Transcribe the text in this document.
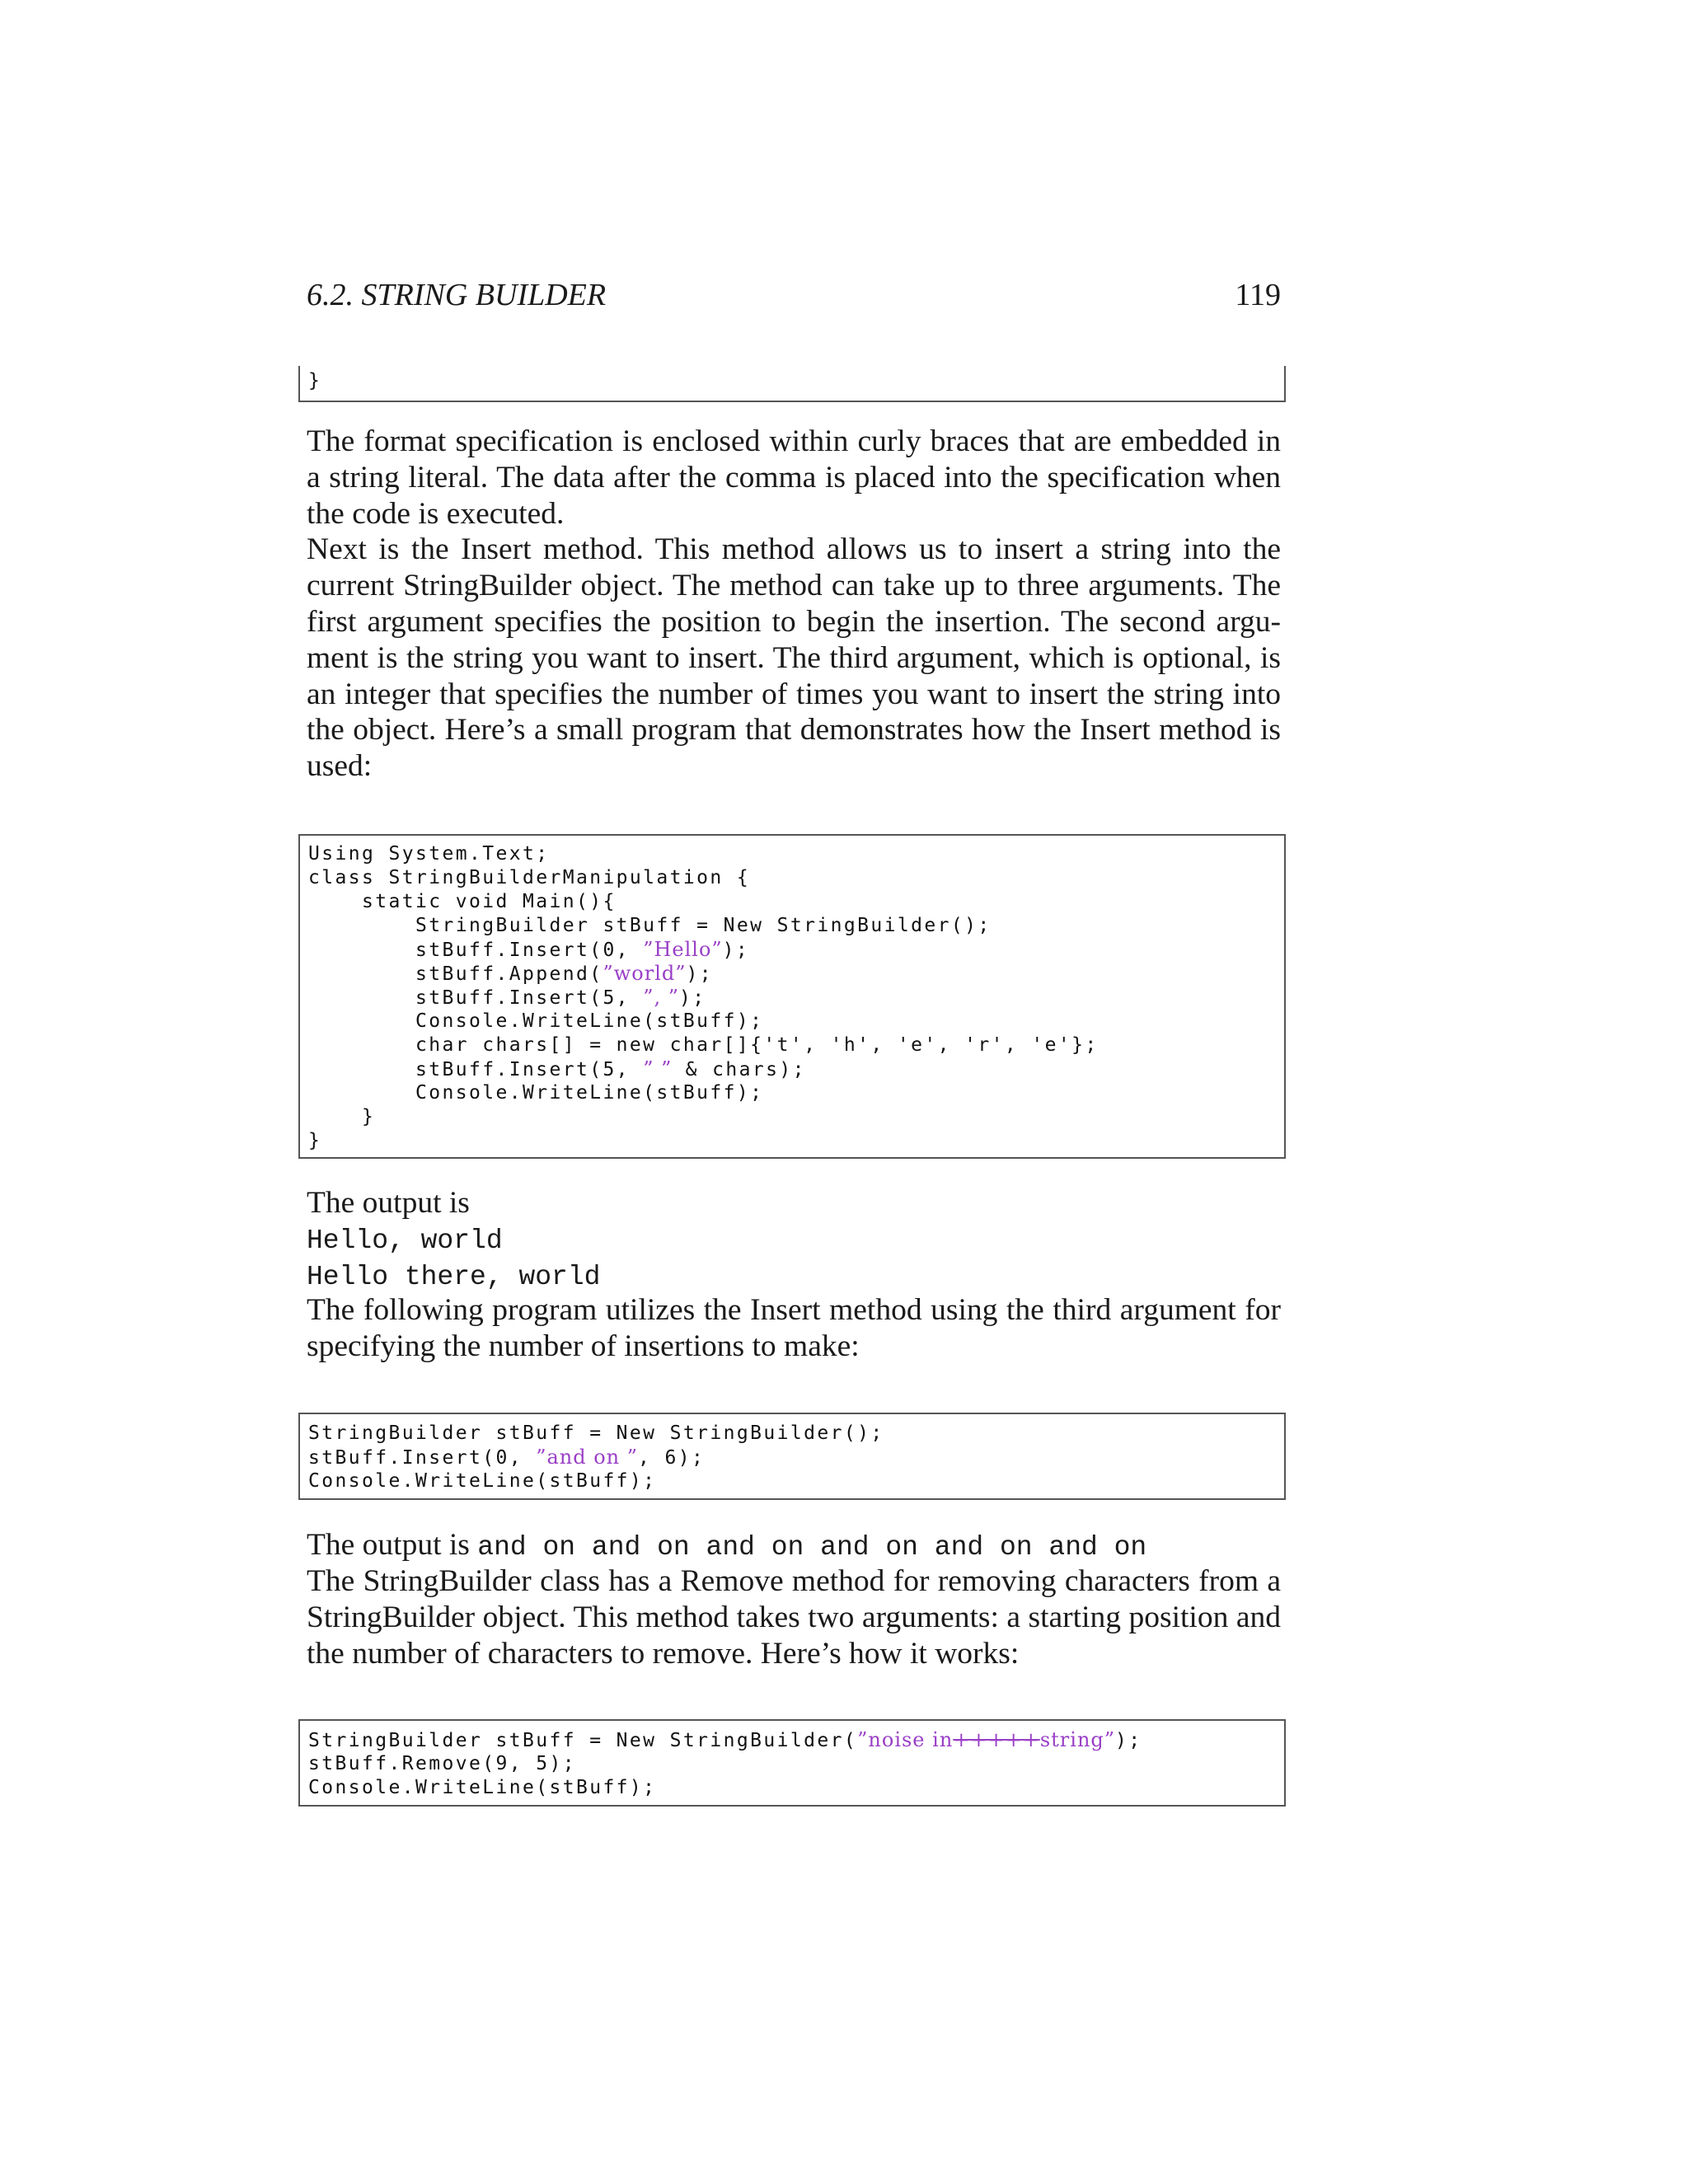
6.2. STRING BUILDER	119
}

The format specification is enclosed within curly braces that are embedded in a string literal. The data after the comma is placed into the specification when the code is executed.

Next is the Insert method. This method allows us to insert a string into the current StringBuilder object. The method can take up to three arguments. The first argument specifies the position to begin the insertion. The second argu- ment is the string you want to insert. The third argument, which is optional, is an integer that specifies the number of times you want to insert the string into the object. Here’s a small program that demonstrates how the Insert method is used:

Using System.Text;
class StringBuilderManipulation {
static void Main(){
StringBuilder stBuff = New StringBuilder();
stBuff.Insert(0, ”Hello”);
stBuff.Append(”world”);
stBuff.Insert(5, ”, ”);
Console.WriteLine(stBuff);
char chars[] = new char[]{'t', 'h', 'e', 'r', 'e'};
stBuff.Insert(5, ” ” & chars);
Console.WriteLine(stBuff);
}
}
The output is
Hello, world
Hello there, world

The following program utilizes the Insert method using the third argument for specifying the number of insertions to make:

StringBuilder stBuff = New StringBuilder();
stBuff.Insert(0, ”and on ”, 6);
Console.WriteLine(stBuff);
The output is and on and on and on and on and on and on

The StringBuilder class has a Remove method for removing characters from a StringBuilder object. This method takes two arguments: a starting position and the number of characters to remove. Here’s how it works:

StringBuilder stBuff = New StringBuilder(”noise in+++++string”);
stBuff.Remove(9, 5);
Console.WriteLine(stBuff);
